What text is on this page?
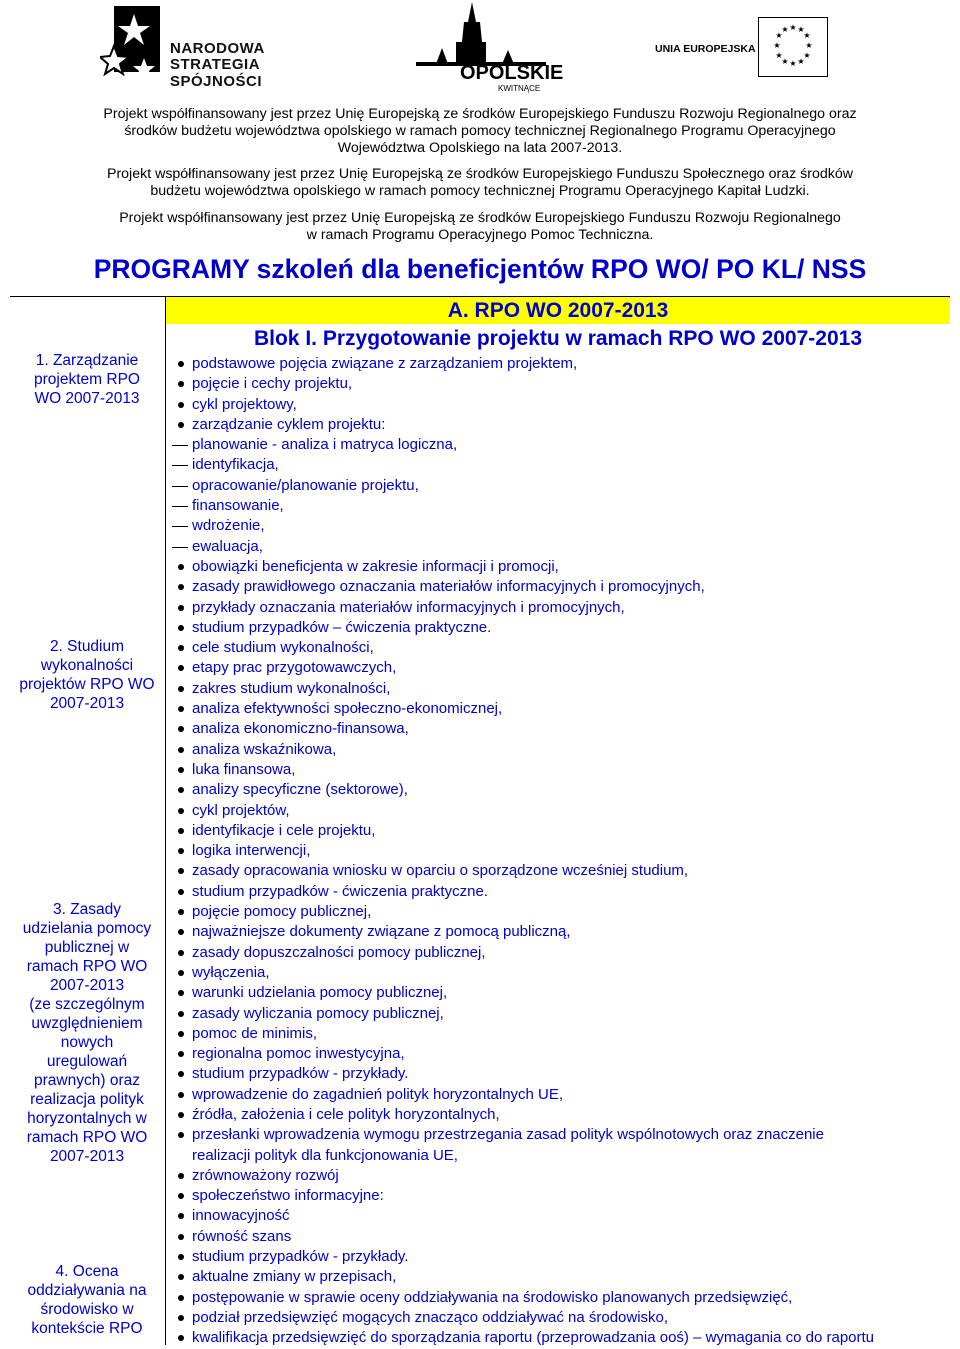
NARODOWA
STRATEGIA SPÓJNOŚCI	OPOLSKIE
KWITNĄCE
UNIA EUROPEJSKA
★ ★
★
★
★
★
★
★
★
★
★
★
Projekt współfinansowany jest przez Unię Europejską ze środków Europejskiego Funduszu Rozwoju Regionalnego oraz
środków budżetu województwa opolskiego w ramach pomocy technicznej Regionalnego Programu Operacyjnego
Województwa Opolskiego na lata 2007-2013.
Projekt współfinansowany jest przez Unię Europejską ze środków Europejskiego Funduszu Społecznego oraz środków
budżetu województwa opolskiego w ramach pomocy technicznej Programu Operacyjnego Kapitał Ludzki.
Projekt współfinansowany jest przez Unię Europejską ze środków Europejskiego Funduszu Rozwoju Regionalnego
w ramach Programu Operacyjnego Pomoc Techniczna.
PROGRAMY szkoleń dla beneficjentów RPO WO/ PO KL/ NSS
1. Zarządzanie
projektem RPO
WO 2007-2013
2. Studium
wykonalności
projektów RPO WO
2007-2013
3. Zasady
udzielania pomocy
publicznej w
ramach RPO WO
2007-2013
(ze szczególnym
uwzględnieniem
nowych
uregulowań
prawnych) oraz
realizacja polityk
horyzontalnych w
ramach RPO WO
2007-2013
4. Ocena
oddziaływania na
środowisko w
kontekście RPO
A. RPO WO 2007-2013
Blok I. Przygotowanie projektu w ramach RPO WO 2007-2013
podstawowe pojęcia związane z zarządzaniem projektem,
pojęcie i cechy projektu,
cykl projektowy,
zarządzanie cyklem projektu:
planowanie - analiza i matryca logiczna,
identyfikacja,
opracowanie/planowanie projektu,
finansowanie,
wdrożenie,
ewaluacja,
obowiązki beneficjenta w zakresie informacji i promocji,
zasady prawidłowego oznaczania materiałów informacyjnych i promocyjnych,
przykłady oznaczania materiałów informacyjnych i promocyjnych,
studium przypadków – ćwiczenia praktyczne.
cele studium wykonalności,
etapy prac przygotowawczych,
zakres studium wykonalności,
analiza efektywności społeczno-ekonomicznej,
analiza ekonomiczno-finansowa,
analiza wskaźnikowa,
luka finansowa,
analizy specyficzne (sektorowe),
cykl projektów,
identyfikacje i cele projektu,
logika interwencji,
zasady opracowania wniosku w oparciu o sporządzone wcześniej studium,
studium przypadków - ćwiczenia praktyczne.
pojęcie pomocy publicznej,
najważniejsze dokumenty związane z pomocą publiczną,
zasady dopuszczalności pomocy publicznej,
wyłączenia,
warunki udzielania pomocy publicznej,
zasady wyliczania pomocy publicznej,
pomoc de minimis,
regionalna pomoc inwestycyjna,
studium przypadków - przykłady.
wprowadzenie do zagadnień polityk horyzontalnych UE,
źródła, założenia i cele polityk horyzontalnych,
przesłanki wprowadzenia wymogu przestrzegania zasad polityk wspólnotowych oraz znaczenie
realizacji polityk dla funkcjonowania UE,
zrównoważony rozwój
społeczeństwo informacyjne:
innowacyjność
równość szans
studium przypadków - przykłady.
aktualne zmiany w przepisach,
postępowanie w sprawie oceny oddziaływania na środowisko planowanych przedsięwzięć,
podział przedsięwzięć mogących znacząco oddziaływać na środowisko,
kwalifikacja przedsięwzięć do sporządzania raportu (przeprowadzania ooś) – wymagania co do raportu
